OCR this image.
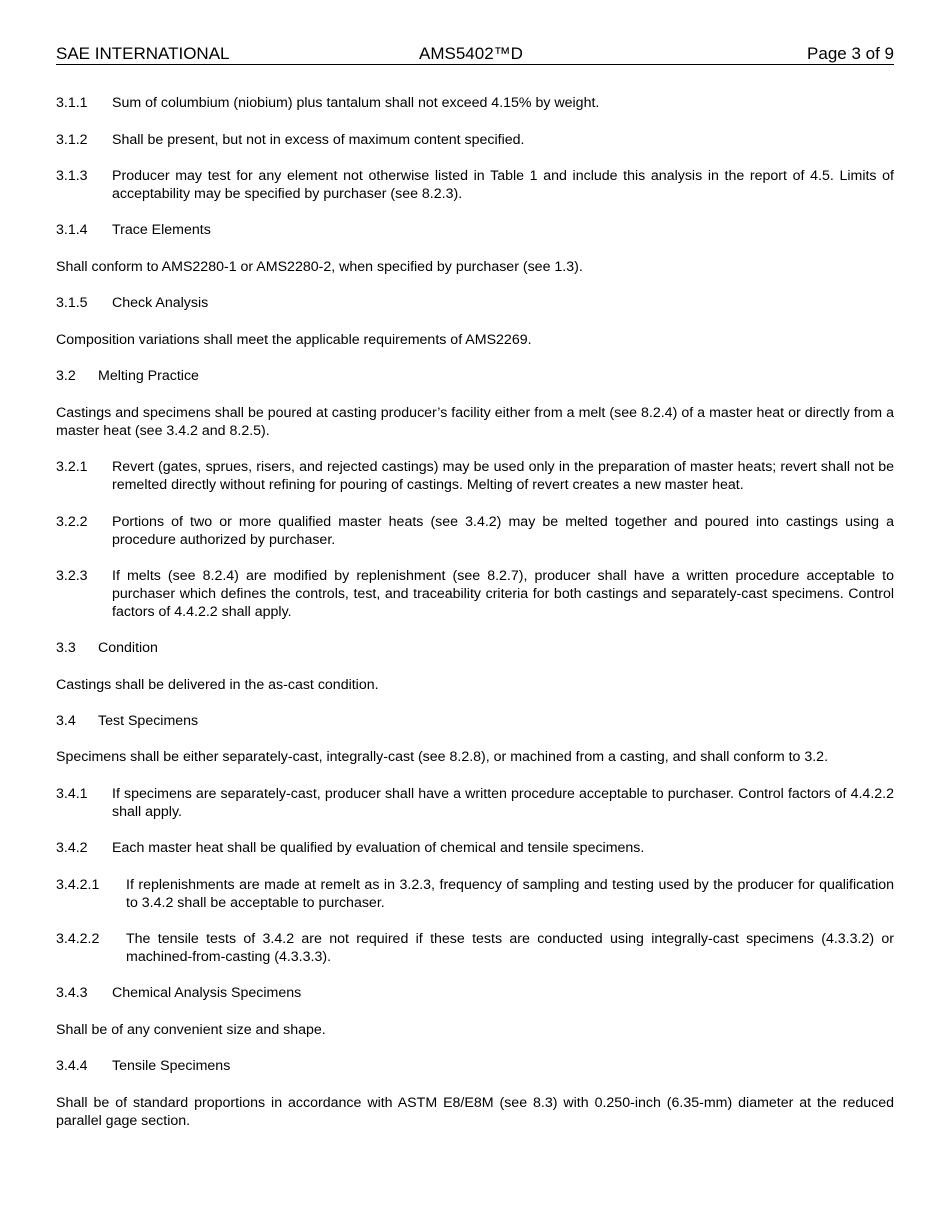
SAE INTERNATIONAL	AMS5402™D	Page 3 of 9
3.1.1 Sum of columbium (niobium) plus tantalum shall not exceed 4.15% by weight.
3.1.2 Shall be present, but not in excess of maximum content specified.
3.1.3 Producer may test for any element not otherwise listed in Table 1 and include this analysis in the report of 4.5. Limits of acceptability may be specified by purchaser (see 8.2.3).
3.1.4 Trace Elements
Shall conform to AMS2280-1 or AMS2280-2, when specified by purchaser (see 1.3).
3.1.5 Check Analysis
Composition variations shall meet the applicable requirements of AMS2269.
3.2 Melting Practice
Castings and specimens shall be poured at casting producer’s facility either from a melt (see 8.2.4) of a master heat or directly from a master heat (see 3.4.2 and 8.2.5).
3.2.1 Revert (gates, sprues, risers, and rejected castings) may be used only in the preparation of master heats; revert shall not be remelted directly without refining for pouring of castings. Melting of revert creates a new master heat.
3.2.2 Portions of two or more qualified master heats (see 3.4.2) may be melted together and poured into castings using a procedure authorized by purchaser.
3.2.3 If melts (see 8.2.4) are modified by replenishment (see 8.2.7), producer shall have a written procedure acceptable to purchaser which defines the controls, test, and traceability criteria for both castings and separately-cast specimens. Control factors of 4.4.2.2 shall apply.
3.3 Condition
Castings shall be delivered in the as-cast condition.
3.4 Test Specimens
Specimens shall be either separately-cast, integrally-cast (see 8.2.8), or machined from a casting, and shall conform to 3.2.
3.4.1 If specimens are separately-cast, producer shall have a written procedure acceptable to purchaser. Control factors of 4.4.2.2 shall apply.
3.4.2 Each master heat shall be qualified by evaluation of chemical and tensile specimens.
3.4.2.1 If replenishments are made at remelt as in 3.2.3, frequency of sampling and testing used by the producer for qualification to 3.4.2 shall be acceptable to purchaser.
3.4.2.2 The tensile tests of 3.4.2 are not required if these tests are conducted using integrally-cast specimens (4.3.3.2) or machined-from-casting (4.3.3.3).
3.4.3 Chemical Analysis Specimens
Shall be of any convenient size and shape.
3.4.4 Tensile Specimens
Shall be of standard proportions in accordance with ASTM E8/E8M (see 8.3) with 0.250-inch (6.35-mm) diameter at the reduced parallel gage section.
